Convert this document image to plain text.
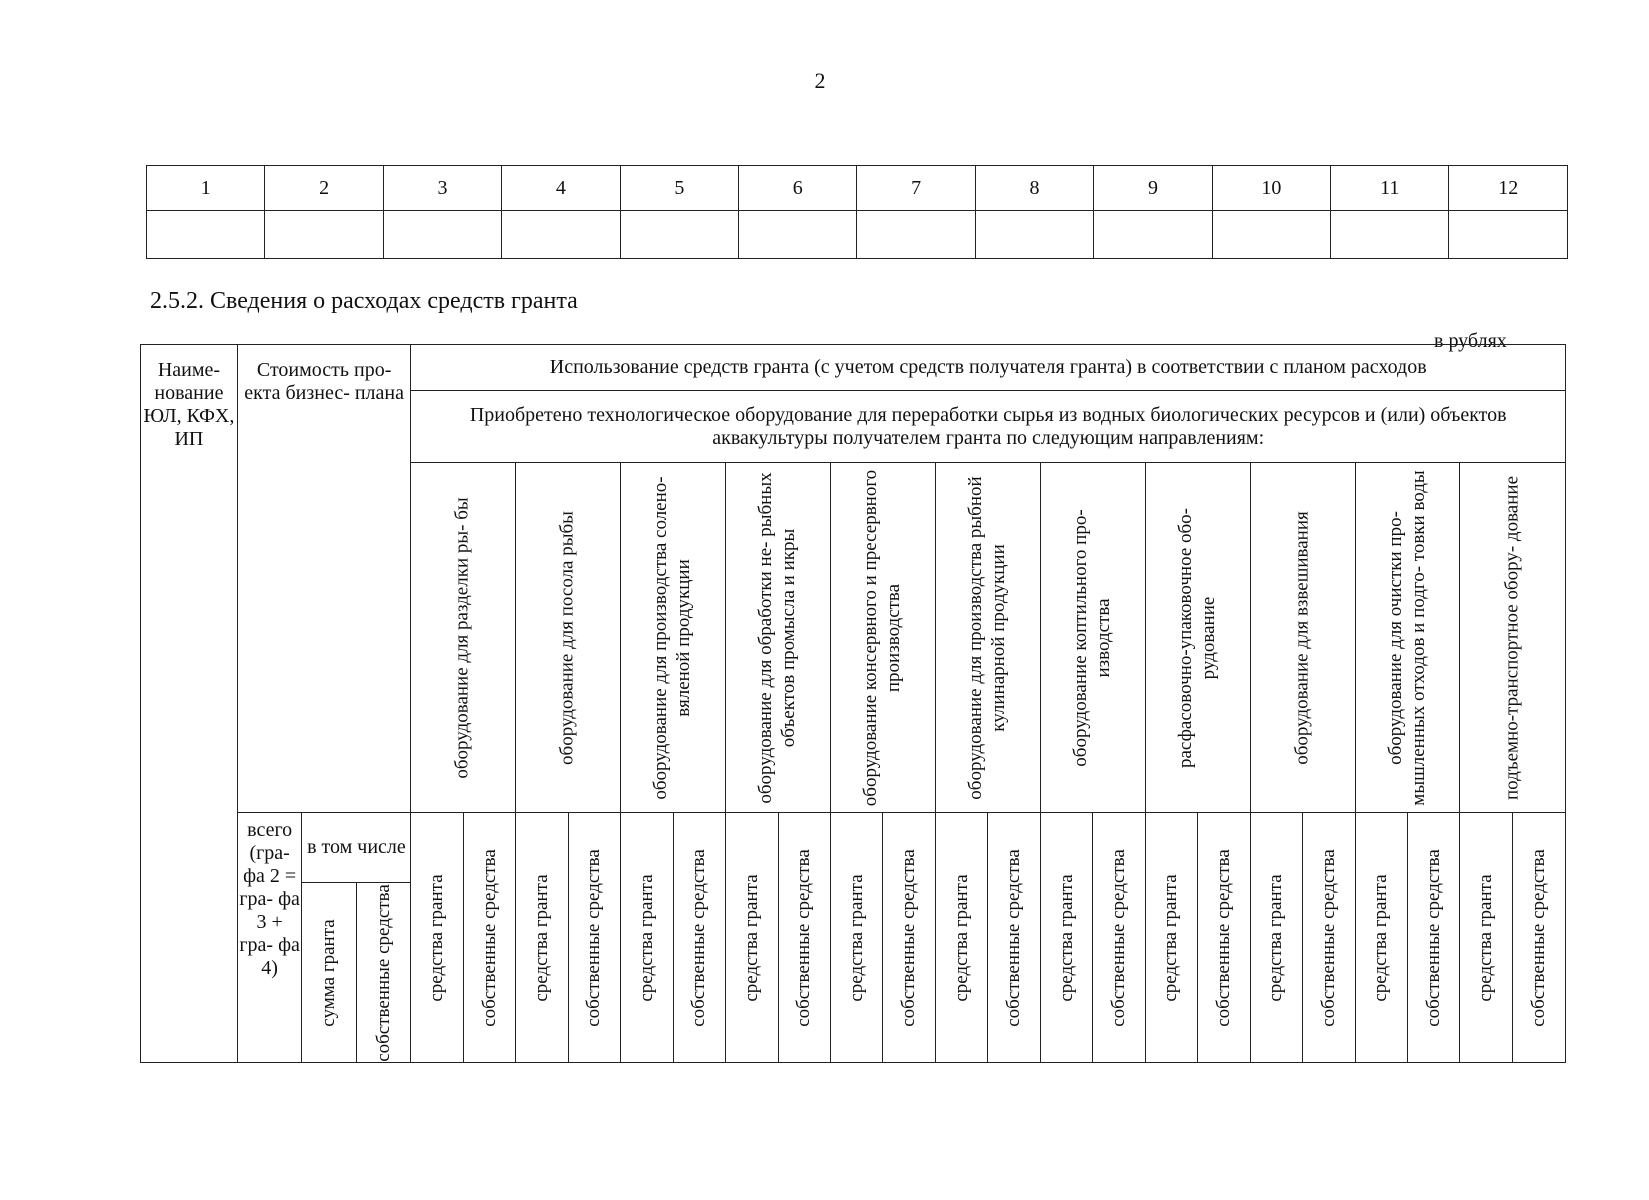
2
1	2	3	4	5	6	7	8	9	10	11	12

2.5.2. Сведения о расходах средств гранта
в рублях
Наиме- нование ЮЛ, КФХ, ИП	Стоимость про- екта бизнес- плана			Использование средств гранта (с учетом средств получателя гранта) в соответствии с планом расходов																					
				Приобретено технологическое оборудование для переработки сырья из водных биологических ресурсов и (или) объектов аквакультуры получателем гранта по следующим направлениям:																					

				оборудование для разделки ры- бы		оборудование для посола рыбы		оборудование для производства солено-вяленой продукции		оборудование для обработки не- рыбных объектов промысла и икры		оборудование консервного и пресервного производства		оборудование для производства рыбной кулинарной продукции		оборудование коптильного про- изводства		расфасовочно-упаковочное обо- рудование		оборудование для взвешивания		оборудование для очистки про- мышленных отходов и подго- товки воды		подъемно-транспортное обору- дование	

	всего (гра- фа 2 = гра- фа 3 + гра- фа 4)	в том числе		средства гранта	собственные средства	средства гранта	собственные средства	средства гранта	собственные средства	средства гранта	собственные средства	средства гранта	собственные средства	средства гранта	собственные средства	средства гранта	собственные средства	средства гранта	собственные средства	средства гранта	собственные средства	средства гранта	собственные средства	средства гранта	собственные средства

		сумма гранта	собственные средства																						
